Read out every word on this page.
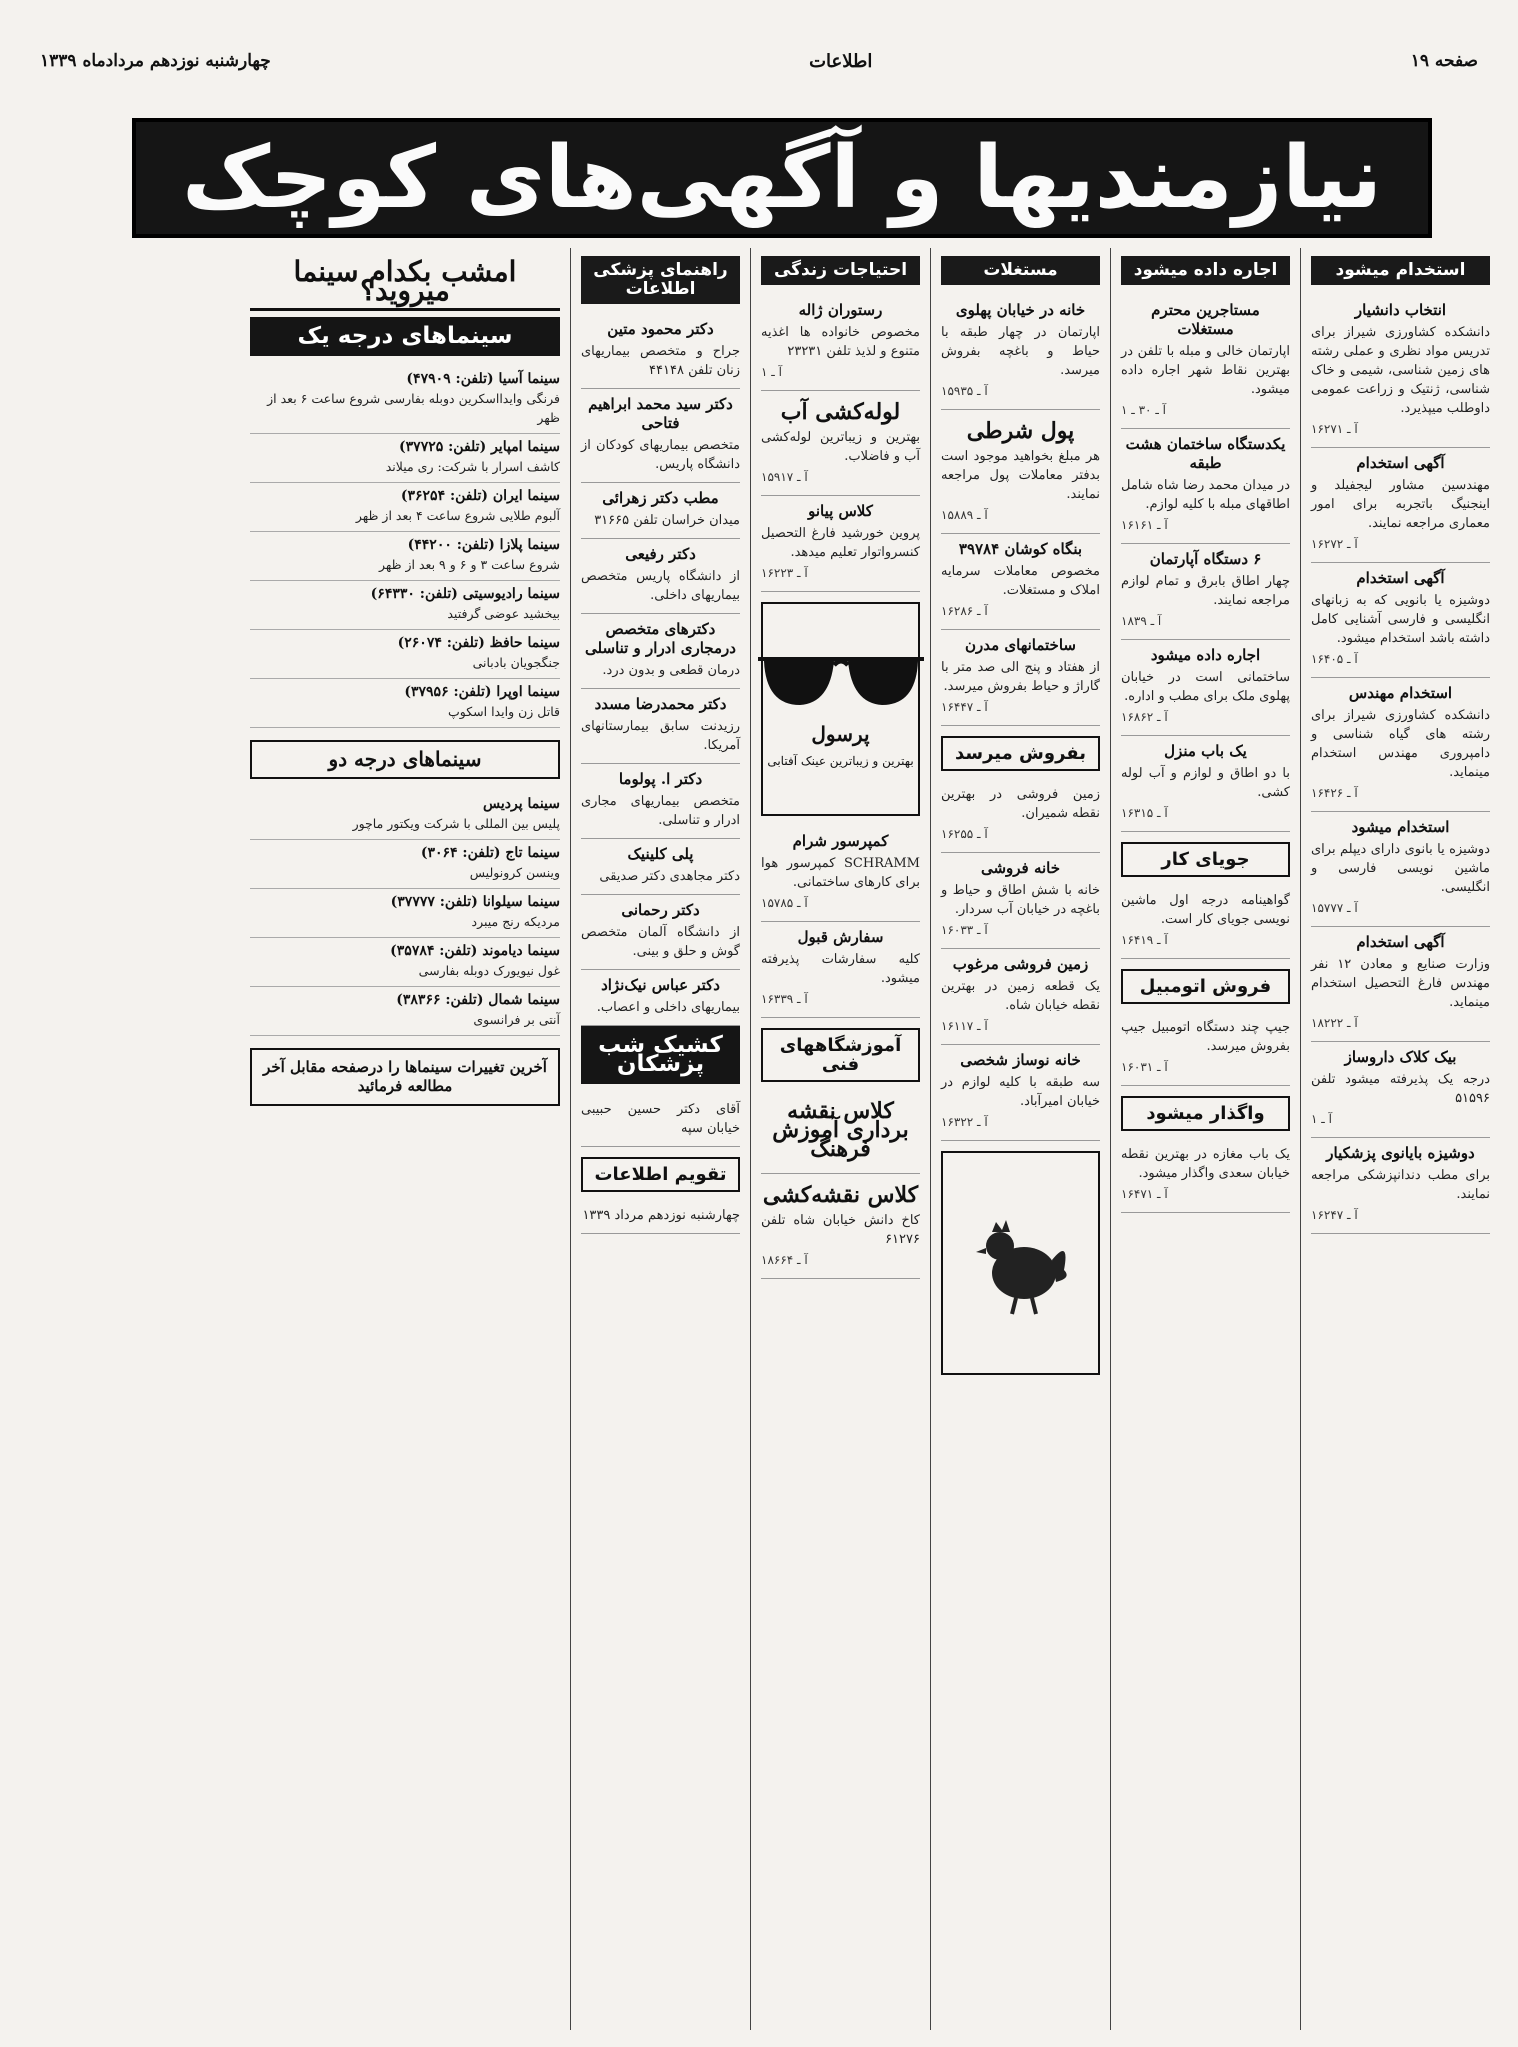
صفحه ۱۹
اطلاعات
چهارشنبه نوزدهم مردادماه ۱۳۳۹
نیازمندیها و آگهی‌های کوچک
استخدام میشود
انتخاب دانشیار
دانشکده کشاورزی شیراز برای تدریس مواد نظری و عملی رشته های زمین شناسی، شیمی و خاک شناسی، ژنتیک و زراعت عمومی داوطلب میپذیرد.
آ ـ ۱۶۲۷۱
آگهی استخدام
مهندسین مشاور لیجفیلد و اینجنیگ باتجربه برای امور معماری مراجعه نمایند.
آ ـ ۱۶۲۷۲
آگهی استخدام
دوشیزه یا بانویی که به زبانهای انگلیسی و فارسی آشنایی کامل داشته باشد استخدام میشود.
آ ـ ۱۶۴۰۵
استخدام مهندس
دانشکده کشاورزی شیراز برای رشته های گیاه شناسی و دامپروری مهندس استخدام مینماید.
آ ـ ۱۶۴۲۶
استخدام میشود
دوشیزه یا بانوی دارای دیپلم برای ماشین نویسی فارسی و انگلیسی.
آ ـ ۱۵۷۷۷
آگهی استخدام
وزارت صنایع و معادن ۱۲ نفر مهندس فارغ التحصیل استخدام مینماید.
آ ـ ۱۸۲۲۲
بیک کلاک داروساز
درجه یک پذیرفته میشود تلفن ۵۱۵۹۶
آ ـ ۱
دوشیزه بایانوی پزشکیار
برای مطب دندانپزشکی مراجعه نمایند.
آ ـ ۱۶۲۴۷
اجاره داده میشود
مستاجرین محترم مستغلات
اپارتمان خالی و مبله با تلفن در بهترین نقاط شهر اجاره داده میشود.
آ ـ ۳۰ ـ ۱
یکدستگاه ساختمان هشت طبقه
در میدان محمد رضا شاه شامل اطاقهای مبله با کلیه لوازم.
آ ـ ۱۶۱۶۱
۶ دستگاه آپارتمان
چهار اطاق بابرق و تمام لوازم مراجعه نمایند.
آ ـ ۱۸۳۹
اجاره داده میشود
ساختمانی است در خیابان پهلوی ملک برای مطب و اداره.
آ ـ ۱۶۸۶۲
یک باب منزل
با دو اطاق و لوازم و آب لوله کشی.
آ ـ ۱۶۳۱۵
جویای کار
گواهینامه درجه اول ماشین نویسی جویای کار است.
آ ـ ۱۶۴۱۹
فروش اتومبیل
جیپ چند دستگاه اتومبیل جیپ بفروش میرسد.
آ ـ ۱۶۰۳۱
واگذار میشود
یک باب مغازه در بهترین نقطه خیابان سعدی واگذار میشود.
آ ـ ۱۶۴۷۱
مستغلات
خانه در خیابان پهلوی
اپارتمان در چهار طبقه با حیاط و باغچه بفروش میرسد.
آ ـ ۱۵۹۳۵
پول شرطی
هر مبلغ بخواهید موجود است بدفتر معاملات پول مراجعه نمایند.
آ ـ ۱۵۸۸۹
بنگاه کوشان ۳۹۷۸۴
مخصوص معاملات سرمایه املاک و مستغلات.
آ ـ ۱۶۲۸۶
ساختمانهای مدرن
از هفتاد و پنج الی صد متر با گاراژ و حیاط بفروش میرسد.
آ ـ ۱۶۴۴۷
بفروش میرسد
زمین فروشی در بهترین نقطه شمیران.
آ ـ ۱۶۲۵۵
خانه فروشی
خانه با شش اطاق و حیاط و باغچه در خیابان آب سردار.
آ ـ ۱۶۰۳۳
زمین فروشی مرغوب
یک قطعه زمین در بهترین نقطه خیابان شاه.
آ ـ ۱۶۱۱۷
خانه نوساز شخصی
سه طبقه با کلیه لوازم در خیابان امیرآباد.
آ ـ ۱۶۳۲۲
احتیاجات زندگی
رستوران ژاله
مخصوص خانواده ها اغذیه متنوع و لذیذ تلفن ۲۳۲۳۱
آ ـ ۱
لوله‌کشی آب
بهترین و زیباترین لوله‌کشی آب و فاضلاب.
آ ـ ۱۵۹۱۷
کلاس پیانو
پروین خورشید فارغ التحصیل کنسرواتوار تعلیم میدهد.
آ ـ ۱۶۲۲۳
پرسول
بهترین و زیباترین عینک آفتابی
کمپرسور شرام
SCHRAMM کمپرسور هوا برای کارهای ساختمانی.
آ ـ ۱۵۷۸۵
سفارش قبول
کلیه سفارشات پذیرفته میشود.
آ ـ ۱۶۳۳۹
آموزشگاههای فنی
کلاس نقشه برداری آموزش فرهنگ
کلاس نقشه‌کشی
کاخ دانش خیابان شاه تلفن ۶۱۲۷۶
آ ـ ۱۸۶۶۴
راهنمای پزشکی اطلاعات
دکتر محمود متین
جراح و متخصص بیماریهای زنان تلفن ۴۴۱۴۸
دکتر سید محمد ابراهیم فتاحی
متخصص بیماریهای کودکان از دانشگاه پاریس.
مطب دکتر زهرائی
میدان خراسان تلفن ۳۱۶۶۵
دکتر رفیعی
از دانشگاه پاریس متخصص بیماریهای داخلی.
دکترهای متخصص درمجاری ادرار و تناسلی
درمان قطعی و بدون درد.
دکتر محمدرضا مسدد
رزیدنت سابق بیمارستانهای آمریکا.
دکتر ا. پولوما
متخصص بیماریهای مجاری ادرار و تناسلی.
پلی کلینیک
دکتر مجاهدی دکتر صدیقی
دکتر رحمانی
از دانشگاه آلمان متخصص گوش و حلق و بینی.
دکتر عباس نیک‌نژاد
بیماریهای داخلی و اعصاب.
کشیک شب پزشکان
آقای دکتر حسین حبیبی خیابان سپه
تقویم اطلاعات
چهارشنبه نوزدهم مرداد ۱۳۳۹
امشب بکدام سینما میروید؟
سینماهای درجه یک
سینما آسیا (تلفن: ۴۷۹۰۹)
فرنگی وایدااسکرین دوبله بفارسی شروع ساعت ۶ بعد از ظهر
سینما امپایر (تلفن: ۳۷۷۲۵)
کاشف اسرار با شرکت: ری میلاند
سینما ایران (تلفن: ۳۶۲۵۴)
آلبوم طلایی شروع ساعت ۴ بعد از ظهر
سینما پلازا (تلفن: ۴۴۲۰۰)
شروع ساعت ۳ و ۶ و ۹ بعد از ظهر
سینما رادیوسیتی (تلفن: ۶۴۳۳۰)
بیخشید عوضی گرفتید
سینما حافظ (تلفن: ۲۶۰۷۴)
جنگجویان بادبانی
سینما اوپرا (تلفن: ۳۷۹۵۶)
قاتل زن وایدا اسکوپ
سینماهای درجه دو
سینما پردیس
پلیس بین المللی با شرکت ویکتور ماچور
سینما تاج (تلفن: ۳۰۶۴)
وینسن کرونولیس
سینما سیلوانا (تلفن: ۳۷۷۷۷)
مردیکه رنج میبرد
سینما دیاموند (تلفن: ۳۵۷۸۴)
غول نیویورک دوبله بفارسی
سینما شمال (تلفن: ۳۸۳۶۶)
آنتی بر فرانسوی
آخرین تغییرات سینماها را درصفحه مقابل آخر مطالعه فرمائید
